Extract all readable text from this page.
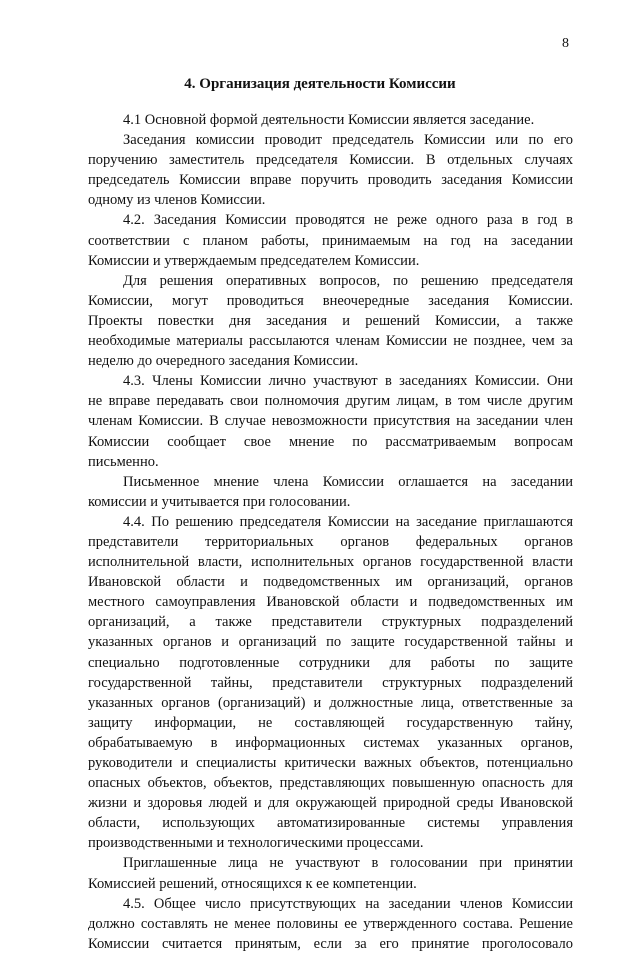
8
4. Организация деятельности Комиссии
4.1 Основной формой деятельности Комиссии является заседание.
Заседания комиссии проводит председатель Комиссии или по его
поручению заместитель председателя Комиссии. В отдельных случаях
председатель Комиссии вправе поручить проводить заседания Комиссии
одному из членов Комиссии.
4.2. Заседания Комиссии проводятся не реже одного раза в год в
соответствии с планом работы, принимаемым на год на заседании
Комиссии и утверждаемым председателем Комиссии.
Для решения оперативных вопросов, по решению председателя
Комиссии, могут проводиться внеочередные заседания Комиссии.
Проекты повестки дня заседания и решений Комиссии, а также
необходимые материалы рассылаются членам Комиссии не позднее, чем за
неделю до очередного заседания Комиссии.
4.3. Члены Комиссии лично участвуют в заседаниях Комиссии. Они
не вправе передавать свои полномочия другим лицам, в том числе другим
членам Комиссии. В случае невозможности присутствия на заседании член
Комиссии сообщает свое мнение по рассматриваемым вопросам
письменно.
Письменное мнение члена Комиссии оглашается на заседании
комиссии и учитывается при голосовании.
4.4. По решению председателя Комиссии на заседание приглашаются
представители территориальных органов федеральных органов
исполнительной власти, исполнительных органов государственной власти
Ивановской области и подведомственных им организаций, органов
местного самоуправления Ивановской области и подведомственных им
организаций, а также представители структурных подразделений
указанных органов и организаций по защите государственной тайны и
специально подготовленные сотрудники для работы по защите
государственной тайны, представители структурных подразделений
указанных органов (организаций) и должностные лица, ответственные за
защиту информации, не составляющей государственную тайну,
обрабатываемую в информационных системах указанных органов,
руководители и специалисты критически важных объектов, потенциально
опасных объектов, объектов, представляющих повышенную опасность для
жизни и здоровья людей и для окружающей природной среды Ивановской
области, использующих автоматизированные системы управления
производственными и технологическими процессами.
Приглашенные лица не участвуют в голосовании при принятии
Комиссией решений, относящихся к ее компетенции.
4.5. Общее число присутствующих на заседании членов Комиссии
должно составлять не менее половины ее утвержденного состава. Решение
Комиссии считается принятым, если за его принятие проголосовало
